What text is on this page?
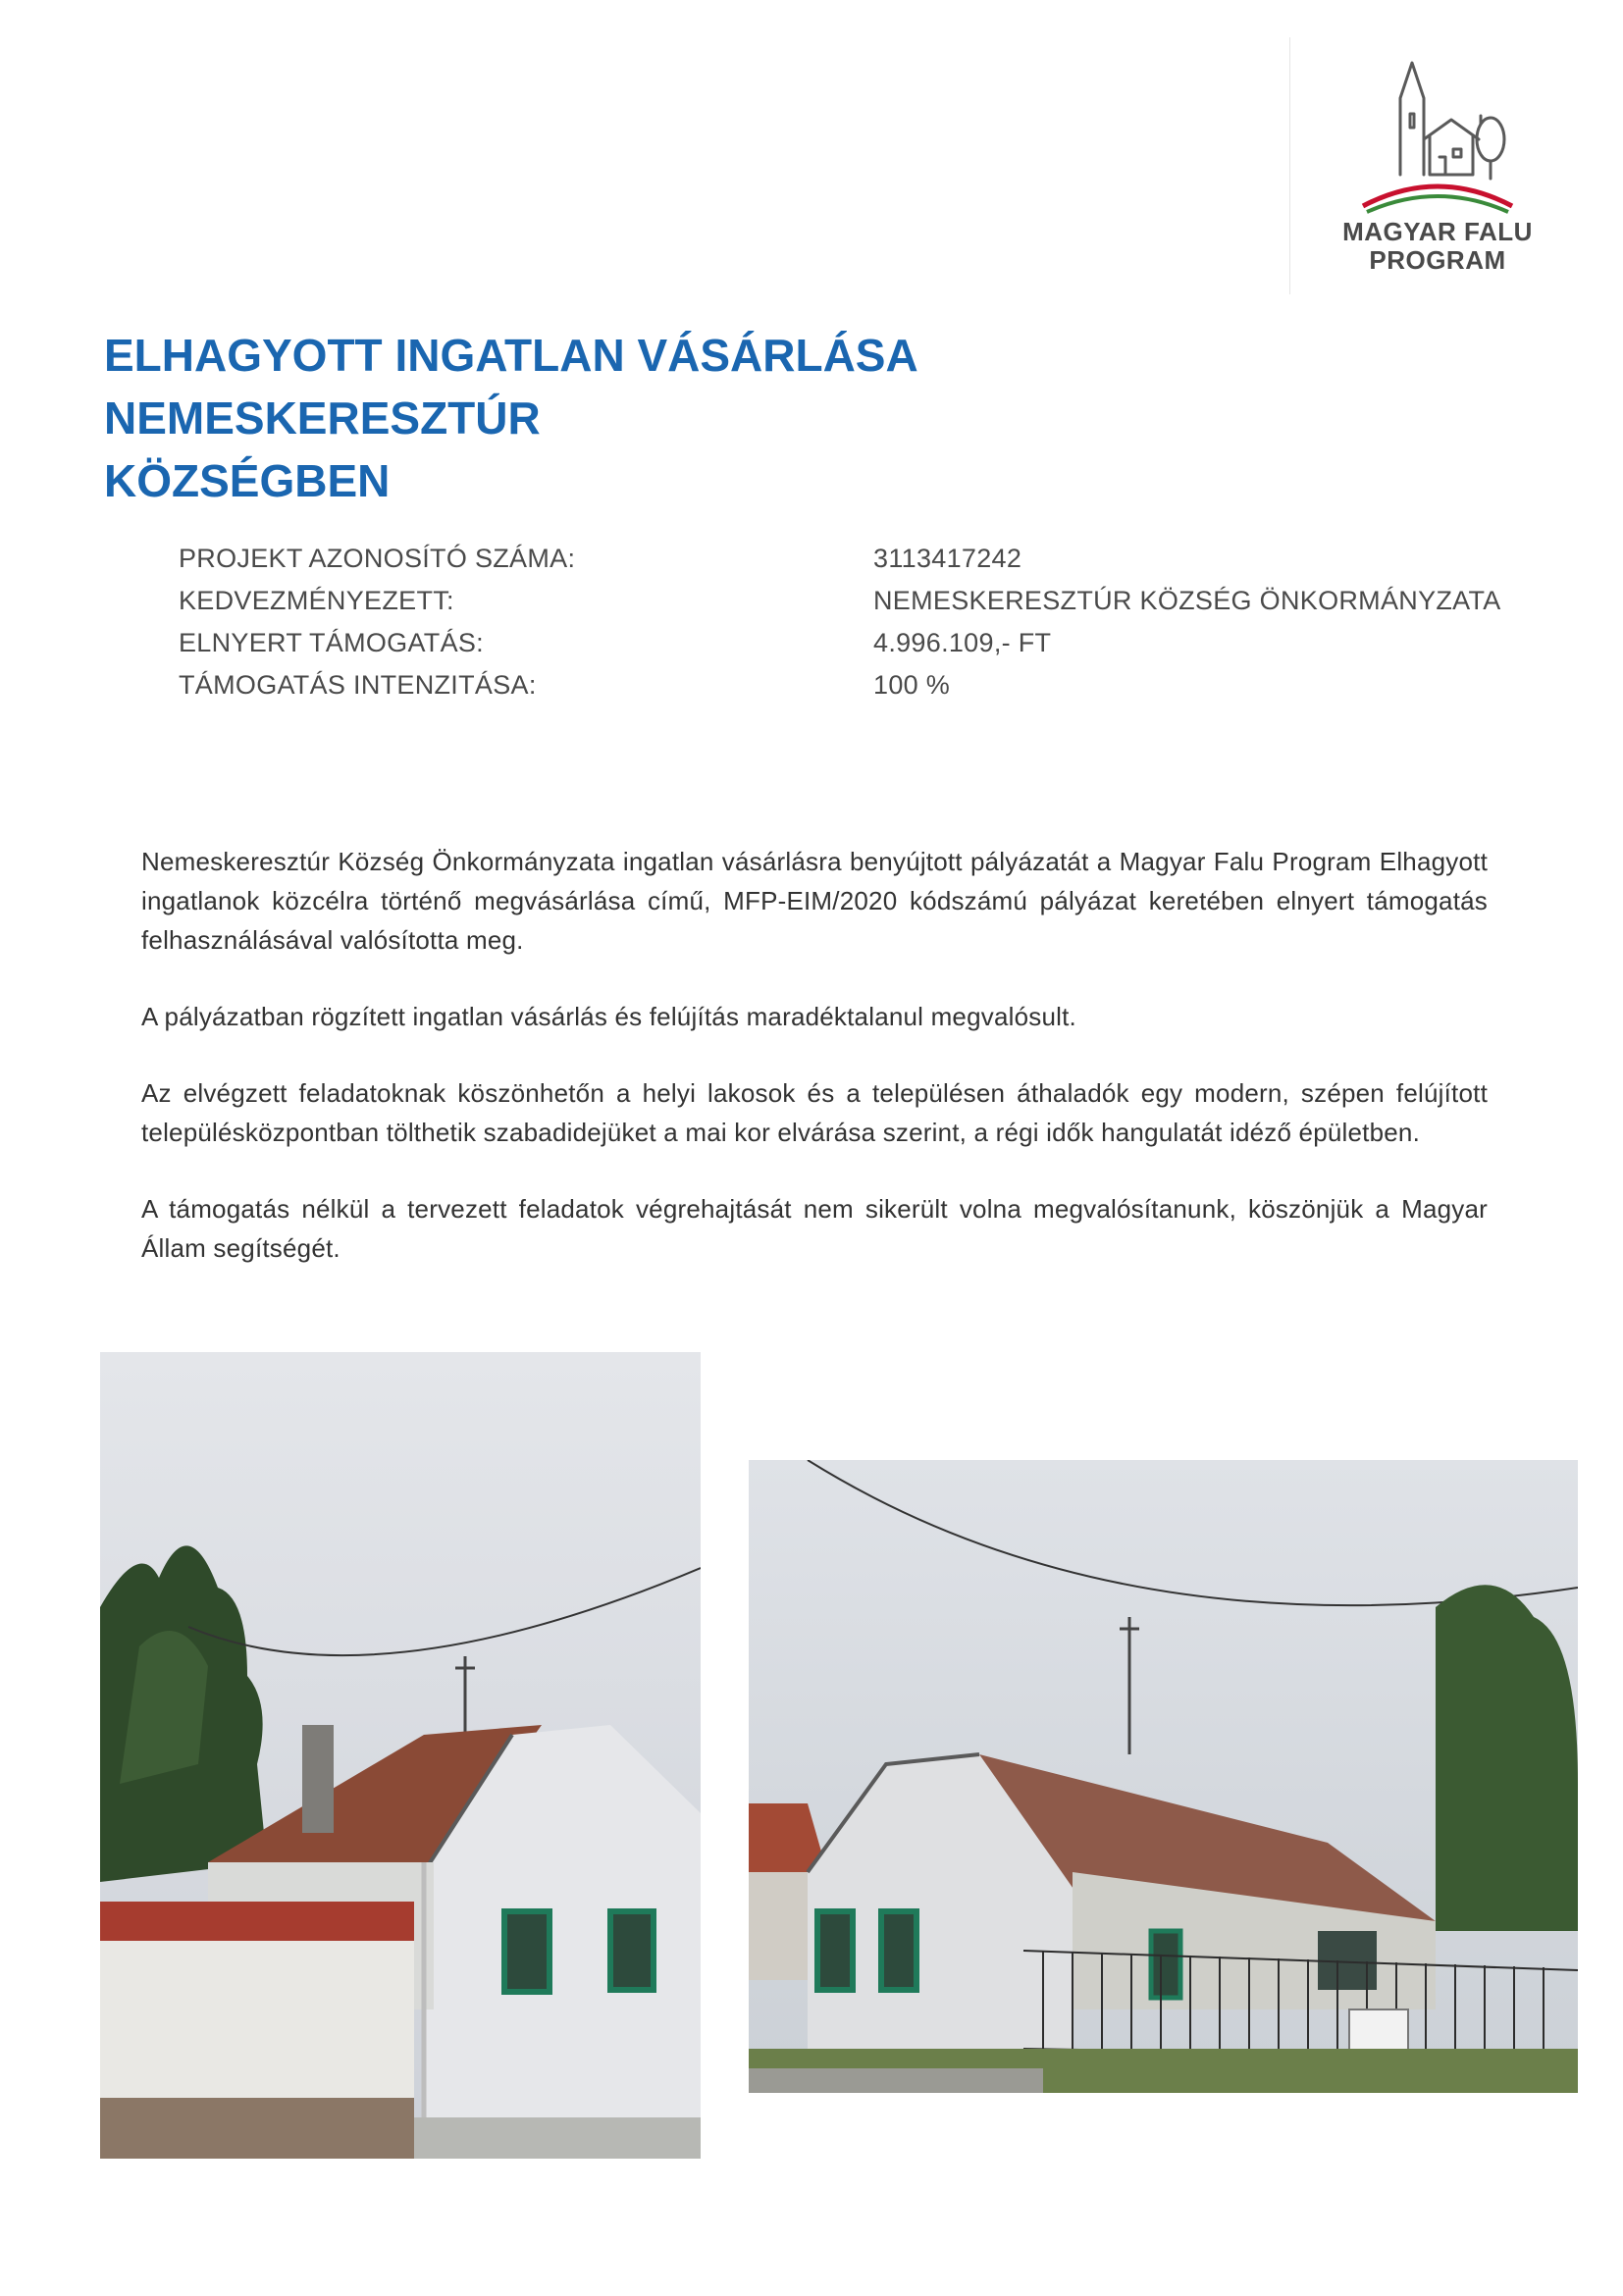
MAGYAR FALU
PROGRAM
ELHAGYOTT INGATLAN VÁSÁRLÁSA NEMESKERESZTÚR
KÖZSÉGBEN
PROJEKT AZONOSÍTÓ SZÁMA:	3113417242
KEDVEZMÉNYEZETT:	NEMESKERESZTÚR KÖZSÉG ÖNKORMÁNYZATA
ELNYERT TÁMOGATÁS:	4.996.109,- FT
TÁMOGATÁS INTENZITÁSA:	100 %

Nemeskeresztúr Község Önkormányzata ingatlan vásárlásra benyújtott pályázatát a Magyar Falu Program Elhagyott ingatlanok közcélra történő megvásárlása című, MFP-EIM/2020 kódszámú pályázat keretében elnyert támogatás felhasználásával valósította meg.

A pályázatban rögzített ingatlan vásárlás és felújítás maradéktalanul megvalósult.

Az elvégzett feladatoknak köszönhetőn a helyi lakosok és a településen áthaladók egy modern, szépen felújított településközpontban tölthetik szabadidejüket a mai kor elvárása szerint, a régi idők hangulatát idéző épületben.

A támogatás nélkül a tervezett feladatok végrehajtását nem sikerült volna megvalósítanunk, köszönjük a Magyar Állam segítségét.
